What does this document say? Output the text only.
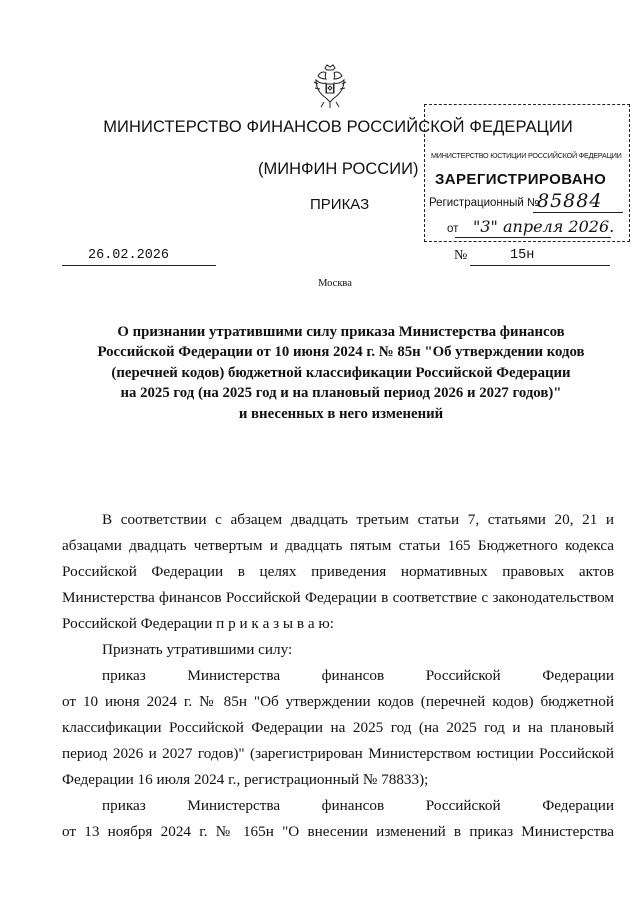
МИНИСТЕРСТВО ФИНАНСОВ РОССИЙСКОЙ ФЕДЕРАЦИИ
(МИНФИН РОССИИ)
ПРИКАЗ
МИНИСТЕРСТВО ЮСТИЦИИ РОССИЙСКОЙ ФЕДЕРАЦИИ
ЗАРЕГИСТРИРОВАНО
Регистрационный №
85884
от "3" апреля 2026.
26.02.2026	№	15н
Москва
О признании утратившими силу приказа Министерства финансов
Российской Федерации от 10 июня 2024 г. № 85н "Об утверждении кодов
(перечней кодов) бюджетной классификации Российской Федерации
на 2025 год (на 2025 год и на плановый период 2026 и 2027 годов)"
и внесенных в него изменений
В соответствии с абзацем двадцать третьим статьи 7, статьями 20, 21 и
абзацами двадцать четвертым и двадцать пятым статьи 165 Бюджетного кодекса
Российской Федерации в целях приведения нормативных правовых актов
Министерства финансов Российской Федерации в соответствие с законодательством
Российской Федерации п р и к а з ы в а ю:
Признать утратившими силу:
приказ Министерства финансов Российской Федерации
от 10 июня 2024 г. № 85н "Об утверждении кодов (перечней кодов) бюджетной
классификации Российской Федерации на 2025 год (на 2025 год и на плановый
период 2026 и 2027 годов)" (зарегистрирован Министерством юстиции Российской
Федерации 16 июля 2024 г., регистрационный № 78833);
приказ Министерства финансов Российской Федерации
от 13 ноября 2024 г. № 165н "О внесении изменений в приказ Министерства
